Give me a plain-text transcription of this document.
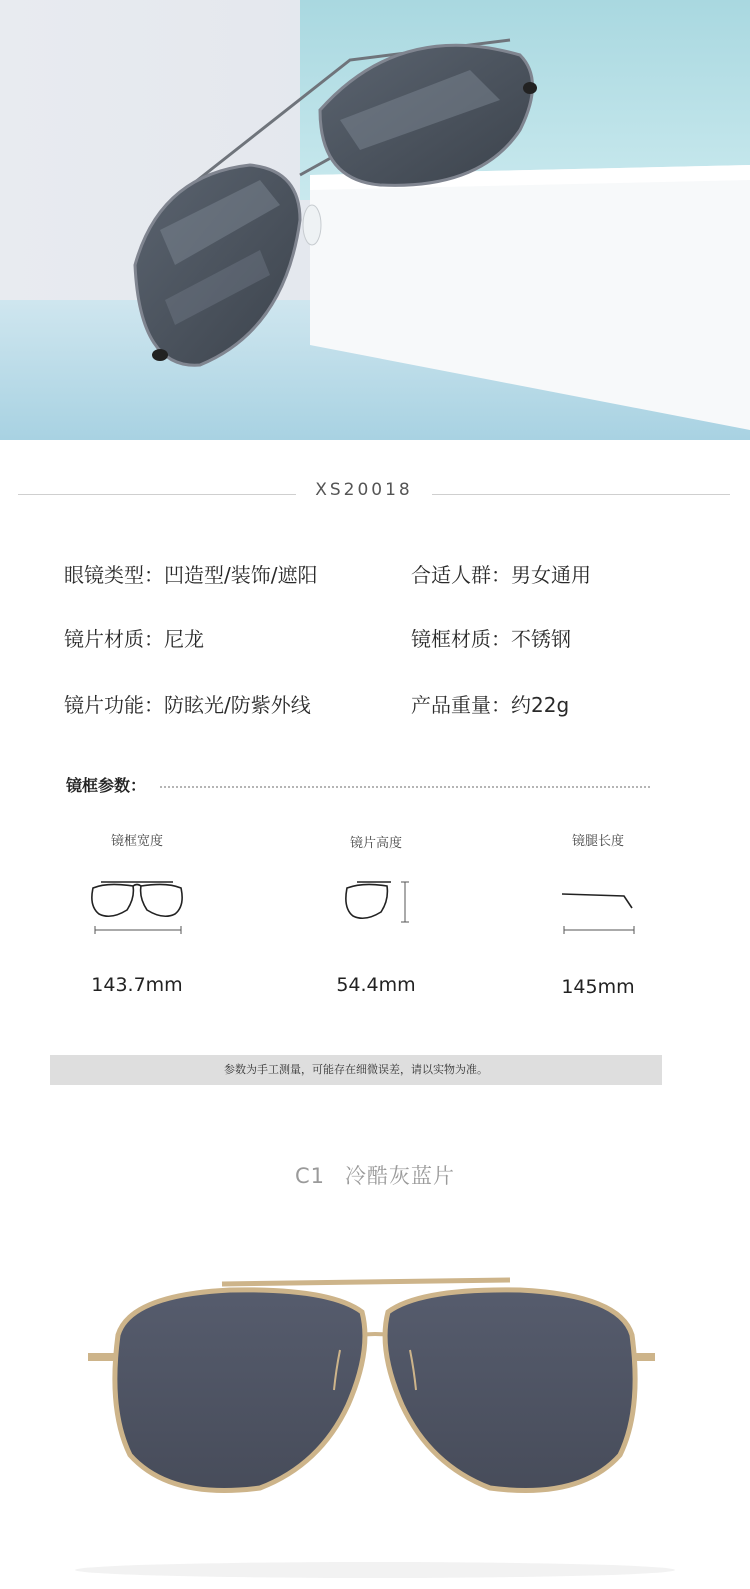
XS20018
眼镜类型：凹造型/装饰/遮阳	合适人群：男女通用
镜片材质：尼龙	镜框材质：不锈钢
镜片功能：防眩光/防紫外线	产品重量：约22g
镜框参数：
镜框宽度
143.7mm
镜片高度
54.4mm
镜腿长度
145mm
参数为手工测量，可能存在细微误差，请以实物为准。
C1 冷酷灰蓝片
